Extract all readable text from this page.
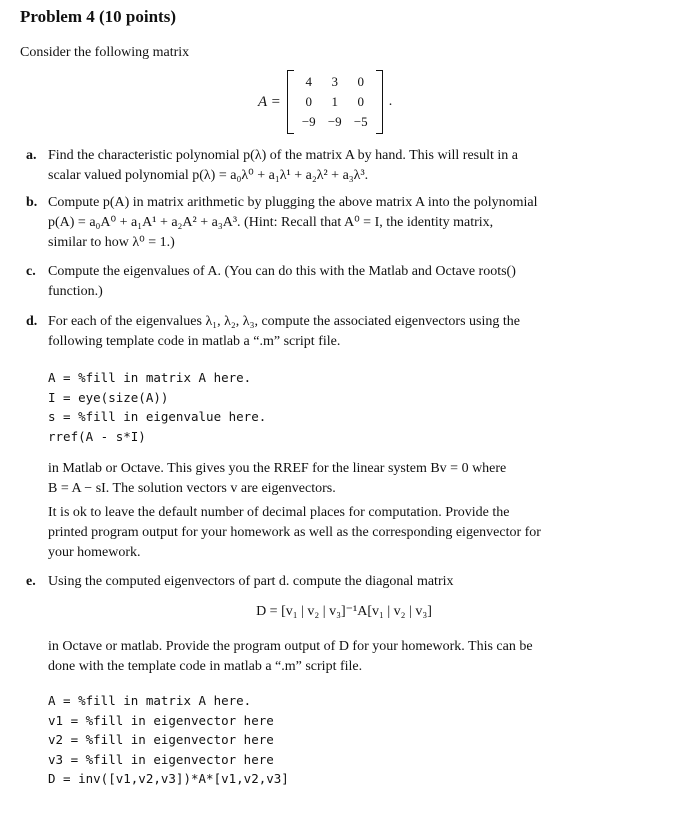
Problem 4 (10 points)
Consider the following matrix
A =
4	3	0
0	1	0
−9 −9 −5
.
a. Find the characteristic polynomial p(λ) of the matrix A by hand. This will result in a
scalar valued polynomial p(λ) = a₀λ⁰ + a₁λ¹ + a₂λ² + a₃λ³.
b. Compute p(A) in matrix arithmetic by plugging the above matrix A into the polynomial
p(A) = a₀A⁰ + a₁A¹ + a₂A² + a₃A³. (Hint: Recall that A⁰ = I, the identity matrix,
similar to how λ⁰ = 1.)
c. Compute the eigenvalues of A. (You can do this with the Matlab and Octave roots()
function.)
d. For each of the eigenvalues λ₁, λ₂, λ₃, compute the associated eigenvectors using the
following template code in matlab a “.m” script file.
A = %fill in matrix A here.
I = eye(size(A))
s = %fill in eigenvalue here.
rref(A - s*I)
in Matlab or Octave. This gives you the RREF for the linear system Bv = 0 where
B = A − sI. The solution vectors v are eigenvectors.
It is ok to leave the default number of decimal places for computation. Provide the
printed program output for your homework as well as the corresponding eigenvector for
your homework.
e. Using the computed eigenvectors of part d. compute the diagonal matrix
D = [v₁ | v₂ | v₃]⁻¹A[v₁ | v₂ | v₃]
in Octave or matlab. Provide the program output of D for your homework. This can be
done with the template code in matlab a “.m” script file.
A = %fill in matrix A here.
v1 = %fill in eigenvector here
v2 = %fill in eigenvector here
v3 = %fill in eigenvector here
D = inv([v1,v2,v3])*A*[v1,v2,v3]
